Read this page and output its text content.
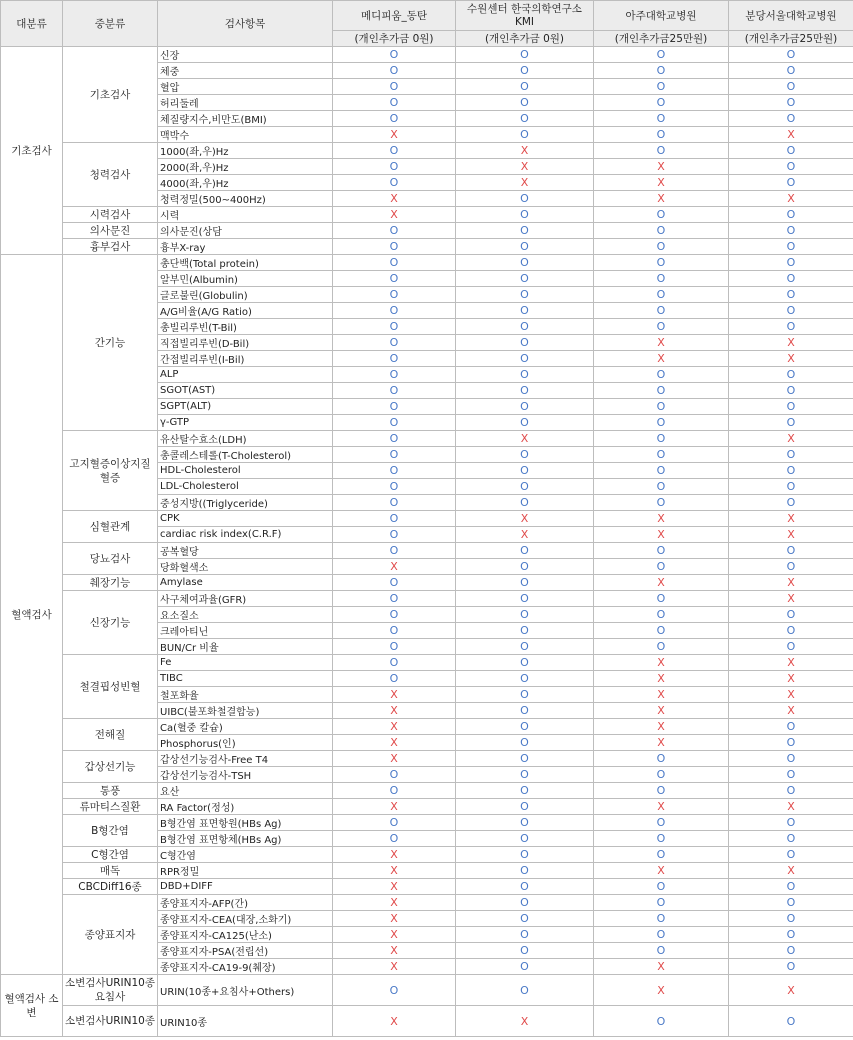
대분류	중분류	검사항목	메디피움_동탄	수원센터 한국의학연구소 KMI	아주대학교병원	분당서울대학교병원
			(개인추가금 0원)	(개인추가금 0원)	(개인추가금25만원)	(개인추가금25만원)
기초검사	기초검사	신장	O	O	O	O
		체중	O	O	O	O
		혈압	O	O	O	O
		허리둘레	O	O	O	O
		체질량지수,비만도(BMI)	O	O	O	O
		맥박수	X	O	O	X
	청력검사	1000(좌,우)Hz	O	X	O	O
		2000(좌,우)Hz	O	X	X	O
		4000(좌,우)Hz	O	X	X	O
		청력정밀(500~400Hz)	X	O	X	X
	시력검사	시력	X	O	O	O
	의사문진	의사문진(상담	O	O	O	O
	흉부검사	흉부X-ray	O	O	O	O
혈액검사	간기능	총단백(Total protein)	O	O	O	O
		알부민(Albumin)	O	O	O	O
		글로불린(Globulin)	O	O	O	O
		A/G비율(A/G Ratio)	O	O	O	O
		총빌리루빈(T-Bil)	O	O	O	O
		직접빌리루빈(D-Bil)	O	O	X	X
		간접빌리루빈(I-Bil)	O	O	X	X
		ALP	O	O	O	O
		SGOT(AST)	O	O	O	O
		SGPT(ALT)	O	O	O	O
		γ-GTP	O	O	O	O
	고지혈증이상지질혈증	유산탈수효소(LDH)	O	X	O	X
		총콜레스테롤(T-Cholesterol)	O	O	O	O
		HDL-Cholesterol	O	O	O	O
		LDL-Cholesterol	O	O	O	O
		중성지방((Triglyceride)	O	O	O	O
	심혈관계	CPK	O	X	X	X
		cardiac risk index(C.R.F)	O	X	X	X
	당뇨검사	공복혈당	O	O	O	O
		당화혈색소	X	O	O	O
	췌장기능	Amylase	O	O	X	X
	신장기능	사구체여과율(GFR)	O	O	O	X
		요소질소	O	O	O	O
		크레아티닌	O	O	O	O
		BUN/Cr 비율	O	O	O	O
	철결핍성빈혈	Fe	O	O	X	X
		TIBC	O	O	X	X
		철포화율	X	O	X	X
		UIBC(불포화철결합능)	X	O	X	X
	전해질	Ca(혈중 칼슘)	X	O	X	O
		Phosphorus(인)	X	O	X	O
	갑상선기능	갑상선기능검사-Free T4	X	O	O	O
		갑상선기능검사-TSH	O	O	O	O
	통풍	요산	O	O	O	O
	류마티스질환	RA Factor(정성)	X	O	X	X
	B형간염	B형간염 표면항원(HBs Ag)	O	O	O	O
		B형간염 표면항체(HBs Ag)	O	O	O	O
	C형간염	C형간염	X	O	O	O
	매독	RPR정밀	X	O	X	X
	CBCDiff16종	DBD+DIFF	X	O	O	O
	종양표지자	종양표지자-AFP(간)	X	O	O	O
		종양표지자-CEA(대장,소화기)	X	O	O	O
		종양표지자-CA125(난소)	X	O	O	O
		종양표지자-PSA(전립선)	X	O	O	O
		종양표지자-CA19-9(췌장)	X	O	X	O
혈액검사 소변	소변검사URIN10종요침사	URIN(10종+요침사+Others)	O	O	X	X
	소변검사URIN10종	URIN10종	X	X	O	O
